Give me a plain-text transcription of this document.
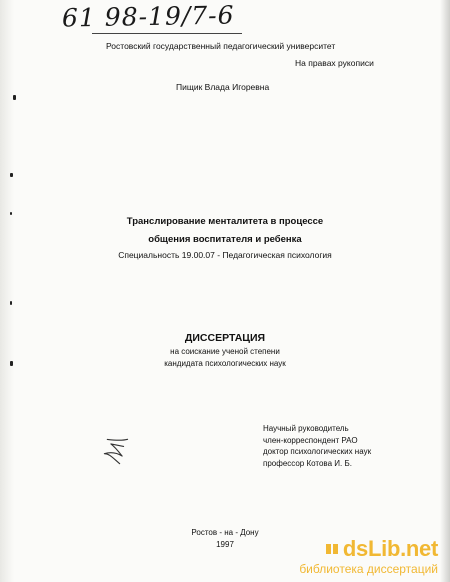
61 98-19/7-6
Ростовский государственный педагогический университет
На правах рукописи
Пищик Влада Игоревна
Транслирование менталитета в процессе
общения воспитателя и ребенка
Специальность 19.00.07 - Педагогическая психология
ДИССЕРТАЦИЯ
на соискание ученой степени
кандидата психологических наук
Научный руководитель
член-корреспондент РАО
доктор психологических наук
профессор Котова И. Б.
Ростов - на - Дону
1997	dsLib.net
библиотека диссертаций
